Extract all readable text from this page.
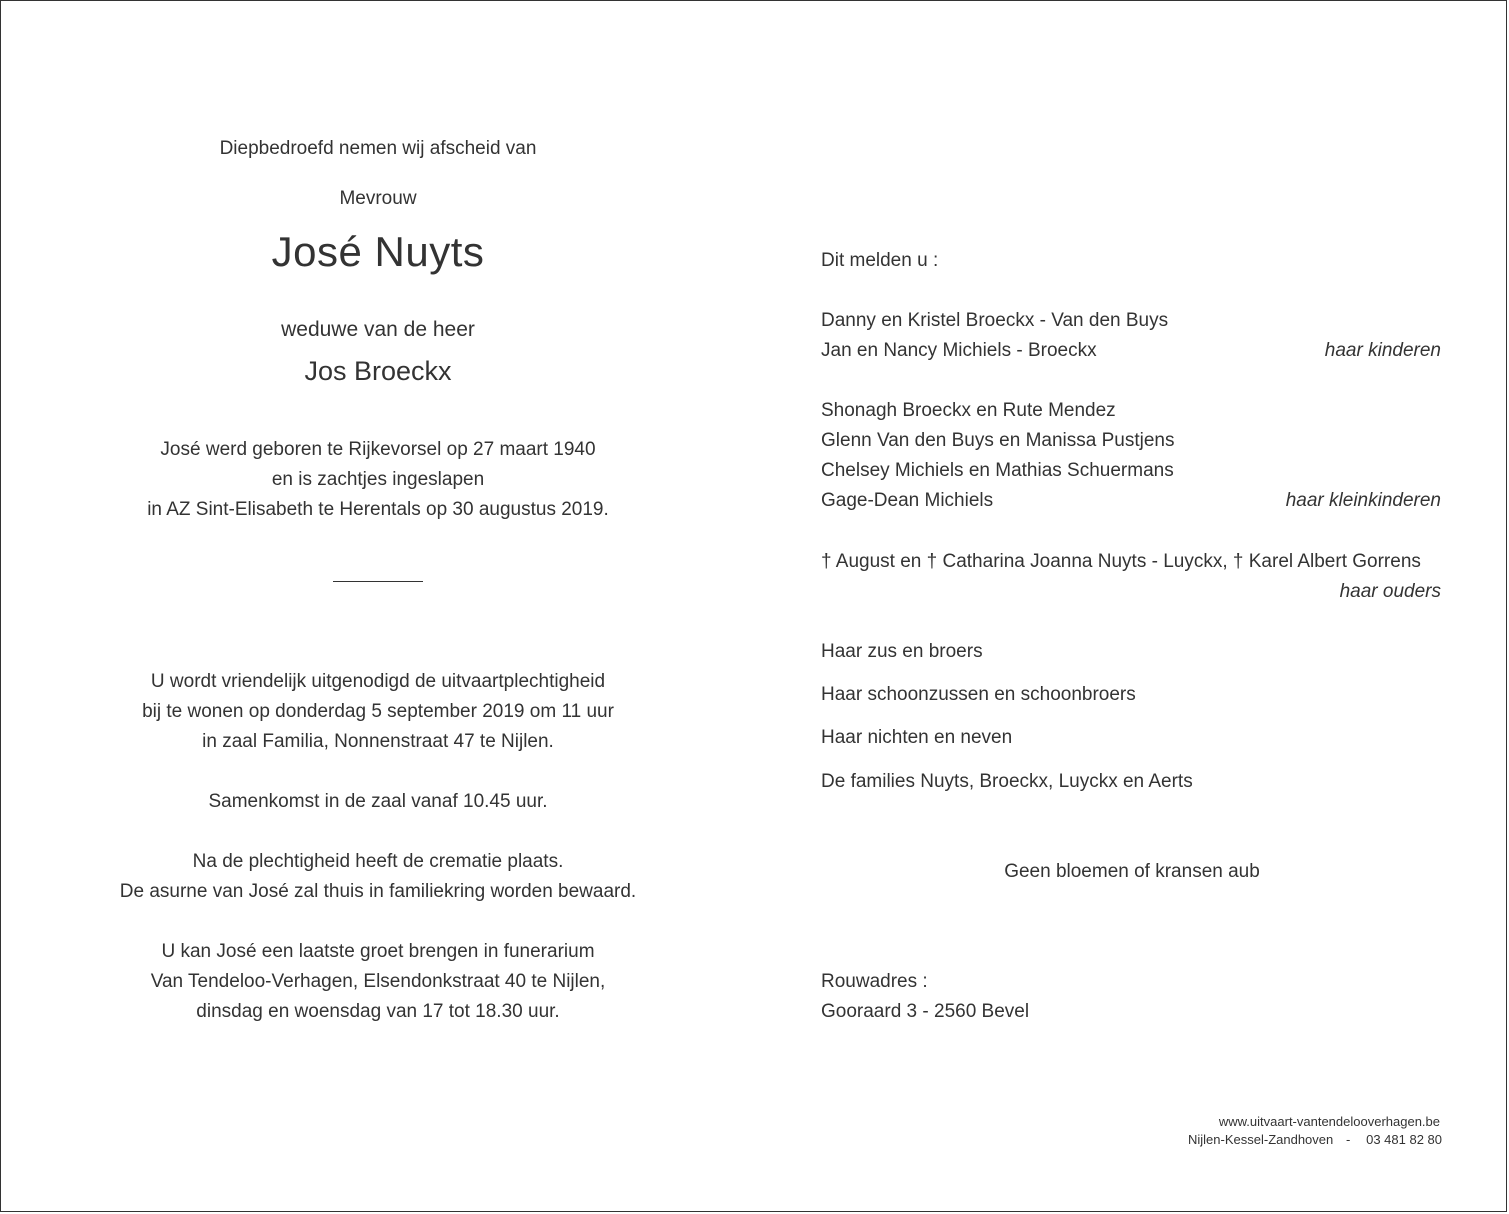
Diepbedroefd nemen wij afscheid van
Mevrouw
José Nuyts
weduwe van de heer
Jos Broeckx
José werd geboren te Rijkevorsel op 27 maart 1940
en is zachtjes ingeslapen
in AZ Sint-Elisabeth te Herentals op 30 augustus 2019.
U wordt vriendelijk uitgenodigd de uitvaartplechtigheid
bij te wonen op donderdag 5 september 2019 om 11 uur
in zaal Familia, Nonnenstraat 47 te Nijlen.
Samenkomst in de zaal vanaf 10.45 uur.
Na de plechtigheid heeft de crematie plaats.
De asurne van José zal thuis in familiekring worden bewaard.
U kan José een laatste groet brengen in funerarium
Van Tendeloo-Verhagen, Elsendonkstraat 40 te Nijlen,
dinsdag en woensdag van 17 tot 18.30 uur.
Dit melden u :
Danny en Kristel Broeckx - Van den Buys
Jan en Nancy Michiels - Broeckx	haar kinderen
Shonagh Broeckx en Rute Mendez
Glenn Van den Buys en Manissa Pustjens
Chelsey Michiels en Mathias Schuermans
Gage-Dean Michiels	haar kleinkinderen
† August en † Catharina Joanna Nuyts - Luyckx, † Karel Albert Gorrens
haar ouders
Haar zus en broers
Haar schoonzussen en schoonbroers
Haar nichten en neven
De families Nuyts, Broeckx, Luyckx en Aerts
Geen bloemen of kransen aub
Rouwadres :
Gooraard 3 - 2560 Bevel
www.uitvaart-vantendelooverhagen.be
Nijlen-Kessel-Zandhoven - 03 481 82 80
